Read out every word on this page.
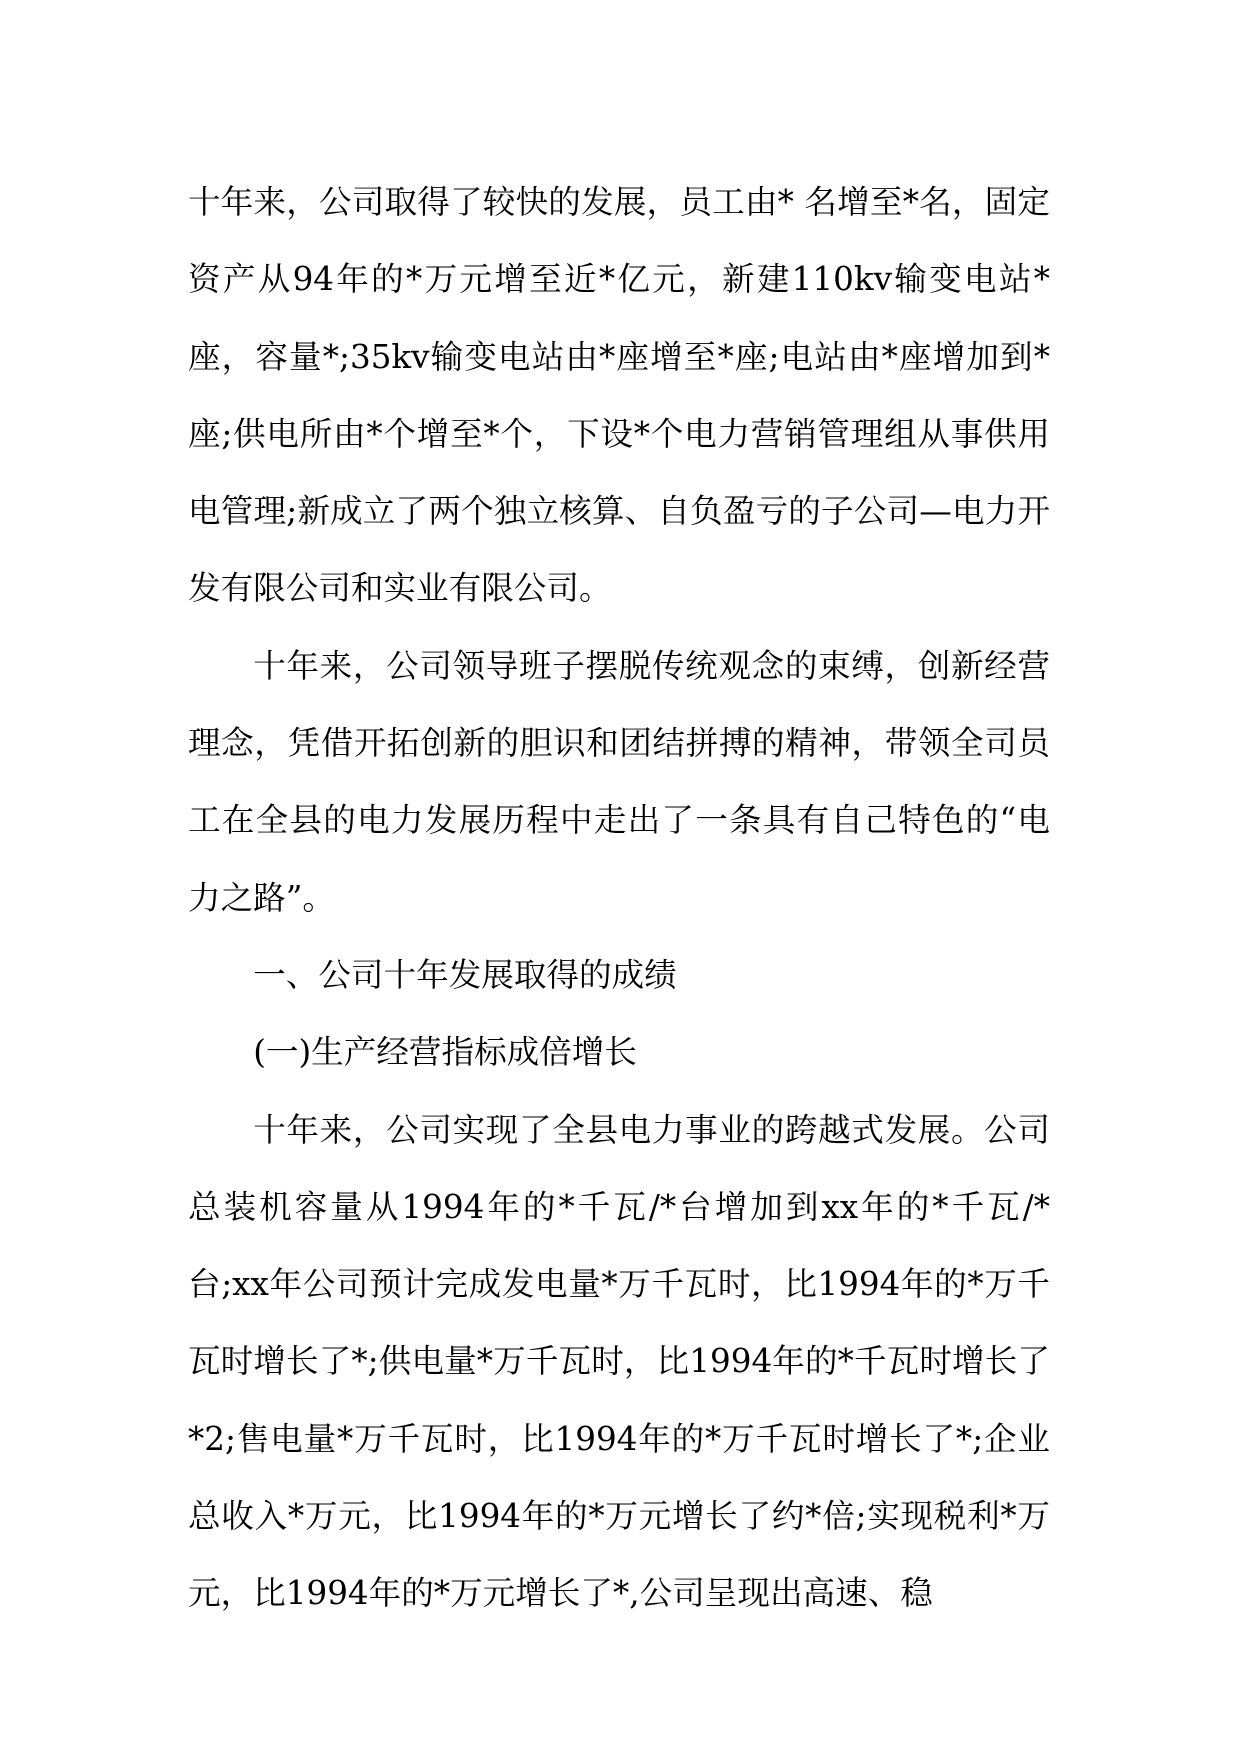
十年来，公司取得了较快的发展，员工由* 名增至*名，固定资产从94年的*万元增至近*亿元，新建110kv输变电站*座，容量*;35kv输变电站由*座增至*座;电站由*座增加到*座;供电所由*个增至*个，下设*个电力营销管理组从事供用电管理;新成立了两个独立核算、自负盈亏的子公司—电力开发有限公司和实业有限公司。

十年来，公司领导班子摆脱传统观念的束缚，创新经营理念，凭借开拓创新的胆识和团结拼搏的精神，带领全司员工在全县的电力发展历程中走出了一条具有自己特色的“电力之路”。

一、公司十年发展取得的成绩

(一)生产经营指标成倍增长

十年来，公司实现了全县电力事业的跨越式发展。公司总装机容量从1994年的*千瓦/*台增加到xx年的*千瓦/*台;xx年公司预计完成发电量*万千瓦时，比1994年的*万千瓦时增长了*;供电量*万千瓦时，比1994年的*千瓦时增长了*2;售电量*万千瓦时，比1994年的*万千瓦时增长了*;企业总收入*万元，比1994年的*万元增长了约*倍;实现税利*万元，比1994年的*万元增长了*,公司呈现出高速、稳
